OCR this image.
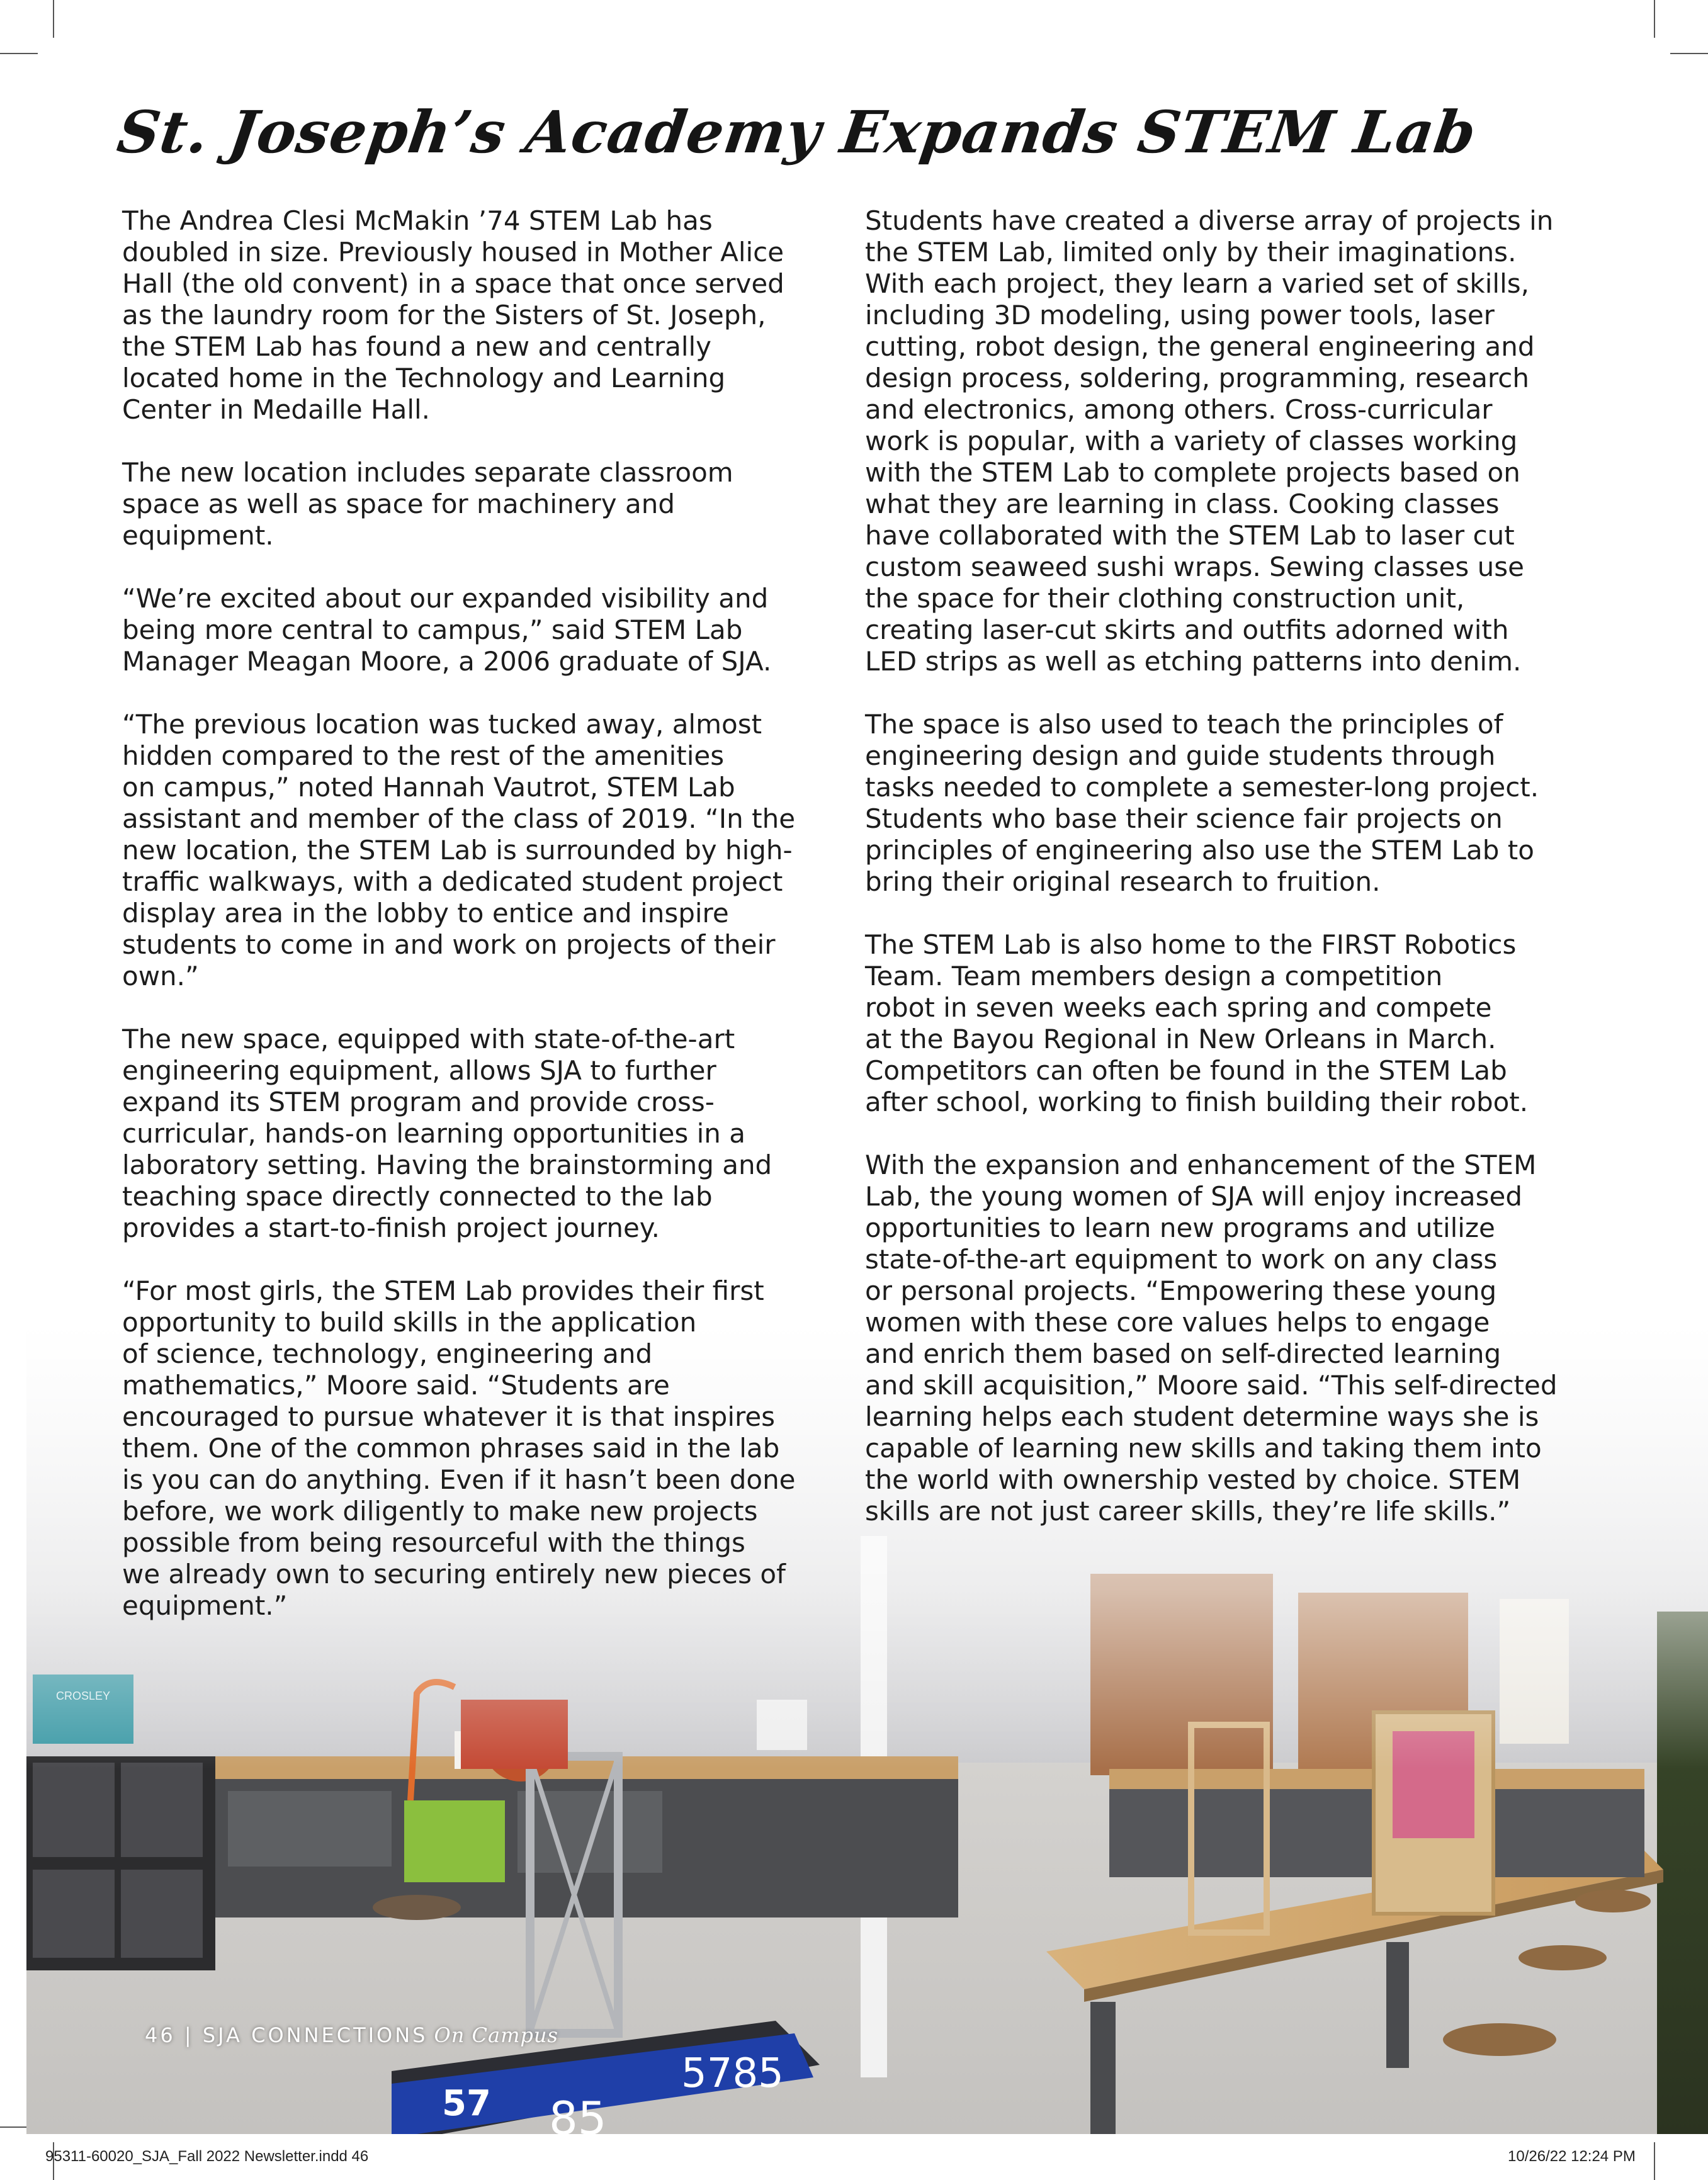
St. Joseph’s Academy Expands STEM Lab

The Andrea Clesi McMakin ’74 STEM Lab has
doubled in size. Previously housed in Mother Alice
Hall (the old convent) in a space that once served
as the laundry room for the Sisters of St. Joseph,
the STEM Lab has found a new and centrally
located home in the Technology and Learning
Center in Medaille Hall.

The new location includes separate classroom
space as well as space for machinery and
equipment.

“We’re excited about our expanded visibility and
being more central to campus,” said STEM Lab
Manager Meagan Moore, a 2006 graduate of SJA.

“The previous location was tucked away, almost
hidden compared to the rest of the amenities
on campus,” noted Hannah Vautrot, STEM Lab
assistant and member of the class of 2019. “In the
new location, the STEM Lab is surrounded by high-
traffic walkways, with a dedicated student project
display area in the lobby to entice and inspire
students to come in and work on projects of their
own.”

The new space, equipped with state-of-the-art
engineering equipment, allows SJA to further
expand its STEM program and provide cross-
curricular, hands-on learning opportunities in a
laboratory setting. Having the brainstorming and
teaching space directly connected to the lab
provides a start-to-finish project journey.

“For most girls, the STEM Lab provides their first
opportunity to build skills in the application
of science, technology, engineering and
mathematics,” Moore said. “Students are
encouraged to pursue whatever it is that inspires
them. One of the common phrases said in the lab
is you can do anything. Even if it hasn’t been done
before, we work diligently to make new projects
possible from being resourceful with the things
we already own to securing entirely new pieces of
equipment.”

Students have created a diverse array of projects in
the STEM Lab, limited only by their imaginations.
With each project, they learn a varied set of skills,
including 3D modeling, using power tools, laser
cutting, robot design, the general engineering and
design process, soldering, programming, research
and electronics, among others. Cross-curricular
work is popular, with a variety of classes working
with the STEM Lab to complete projects based on
what they are learning in class. Cooking classes
have collaborated with the STEM Lab to laser cut
custom seaweed sushi wraps. Sewing classes use
the space for their clothing construction unit,
creating laser-cut skirts and outfits adorned with
LED strips as well as etching patterns into denim.

The space is also used to teach the principles of
engineering design and guide students through
tasks needed to complete a semester-long project.
Students who base their science fair projects on
principles of engineering also use the STEM Lab to
bring their original research to fruition.

The STEM Lab is also home to the FIRST Robotics
Team. Team members design a competition
robot in seven weeks each spring and compete
at the Bayou Regional in New Orleans in March.
Competitors can often be found in the STEM Lab
after school, working to finish building their robot.

With the expansion and enhancement of the STEM
Lab, the young women of SJA will enjoy increased
opportunities to learn new programs and utilize
state-of-the-art equipment to work on any class
or personal projects. “Empowering these young
women with these core values helps to engage
and enrich them based on self-directed learning
and skill acquisition,” Moore said. “This self-directed
learning helps each student determine ways she is
capable of learning new skills and taking them into
the world with ownership vested by choice. STEM
skills are not just career skills, they’re life skills.”

46 | SJA CONNECTIONS On Campus
95311-60020_SJA_Fall 2022 Newsletter.indd 46	10/26/22 12:24 PM
